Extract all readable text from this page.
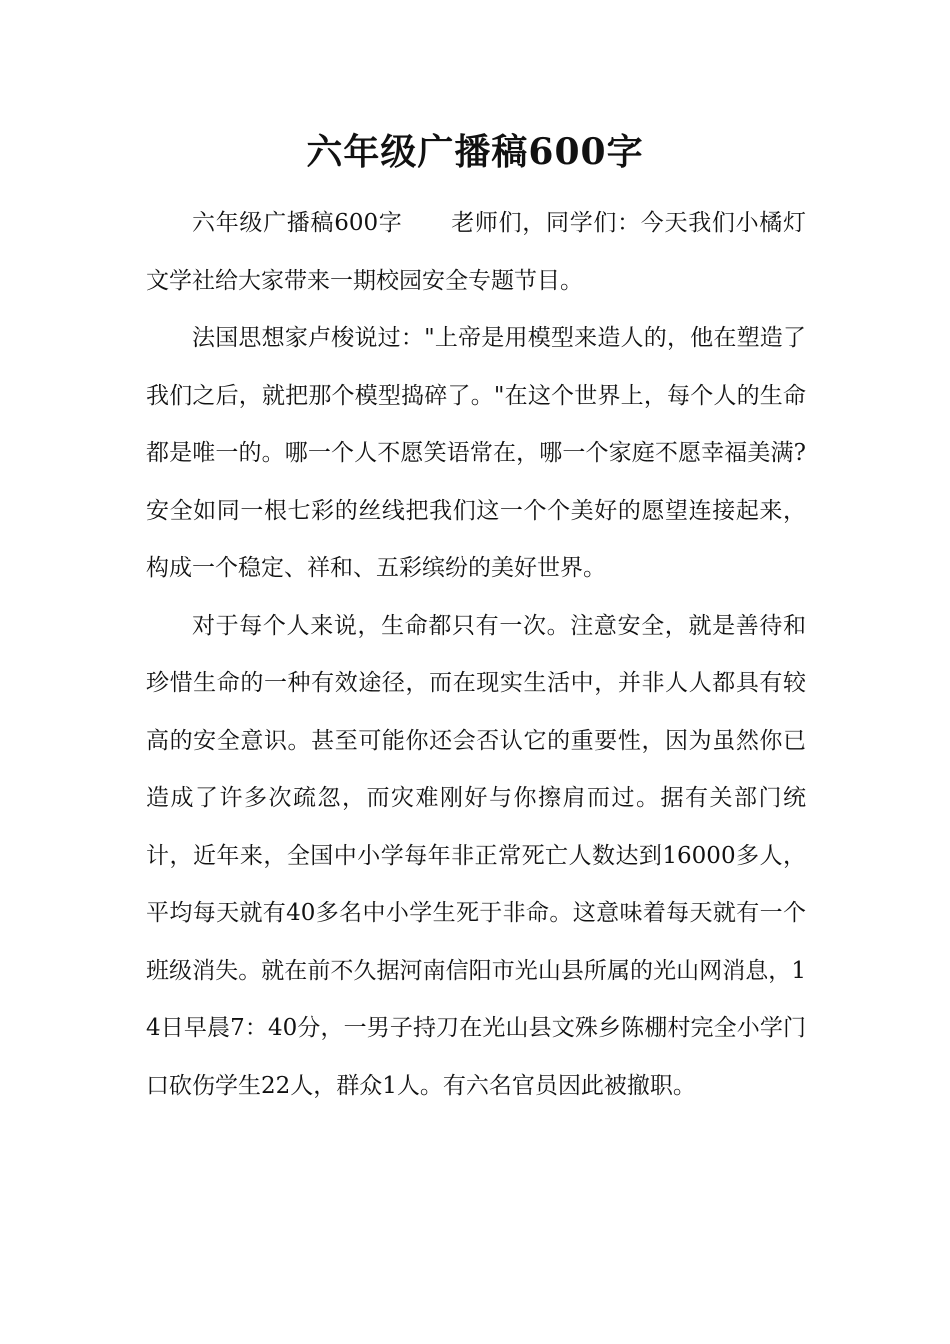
六年级广播稿600字

六年级广播稿600字 老师们，同学们：今天我们小橘灯文学社给大家带来一期校园安全专题节目。

法国思想家卢梭说过："上帝是用模型来造人的，他在塑造了我们之后，就把那个模型捣碎了。"在这个世界上，每个人的生命都是唯一的。哪一个人不愿笑语常在，哪一个家庭不愿幸福美满?安全如同一根七彩的丝线把我们这一个个美好的愿望连接起来，构成一个稳定、祥和、五彩缤纷的美好世界。

对于每个人来说，生命都只有一次。注意安全，就是善待和珍惜生命的一种有效途径，而在现实生活中，并非人人都具有较高的安全意识。甚至可能你还会否认它的重要性，因为虽然你已造成了许多次疏忽，而灾难刚好与你擦肩而过。据有关部门统计，近年来，全国中小学每年非正常死亡人数达到16000多人，平均每天就有40多名中小学生死于非命。这意味着每天就有一个班级消失。就在前不久据河南信阳市光山县所属的光山网消息，14日早晨7：40分，一男子持刀在光山县文殊乡陈棚村完全小学门口砍伤学生22人，群众1人。有六名官员因此被撤职。
